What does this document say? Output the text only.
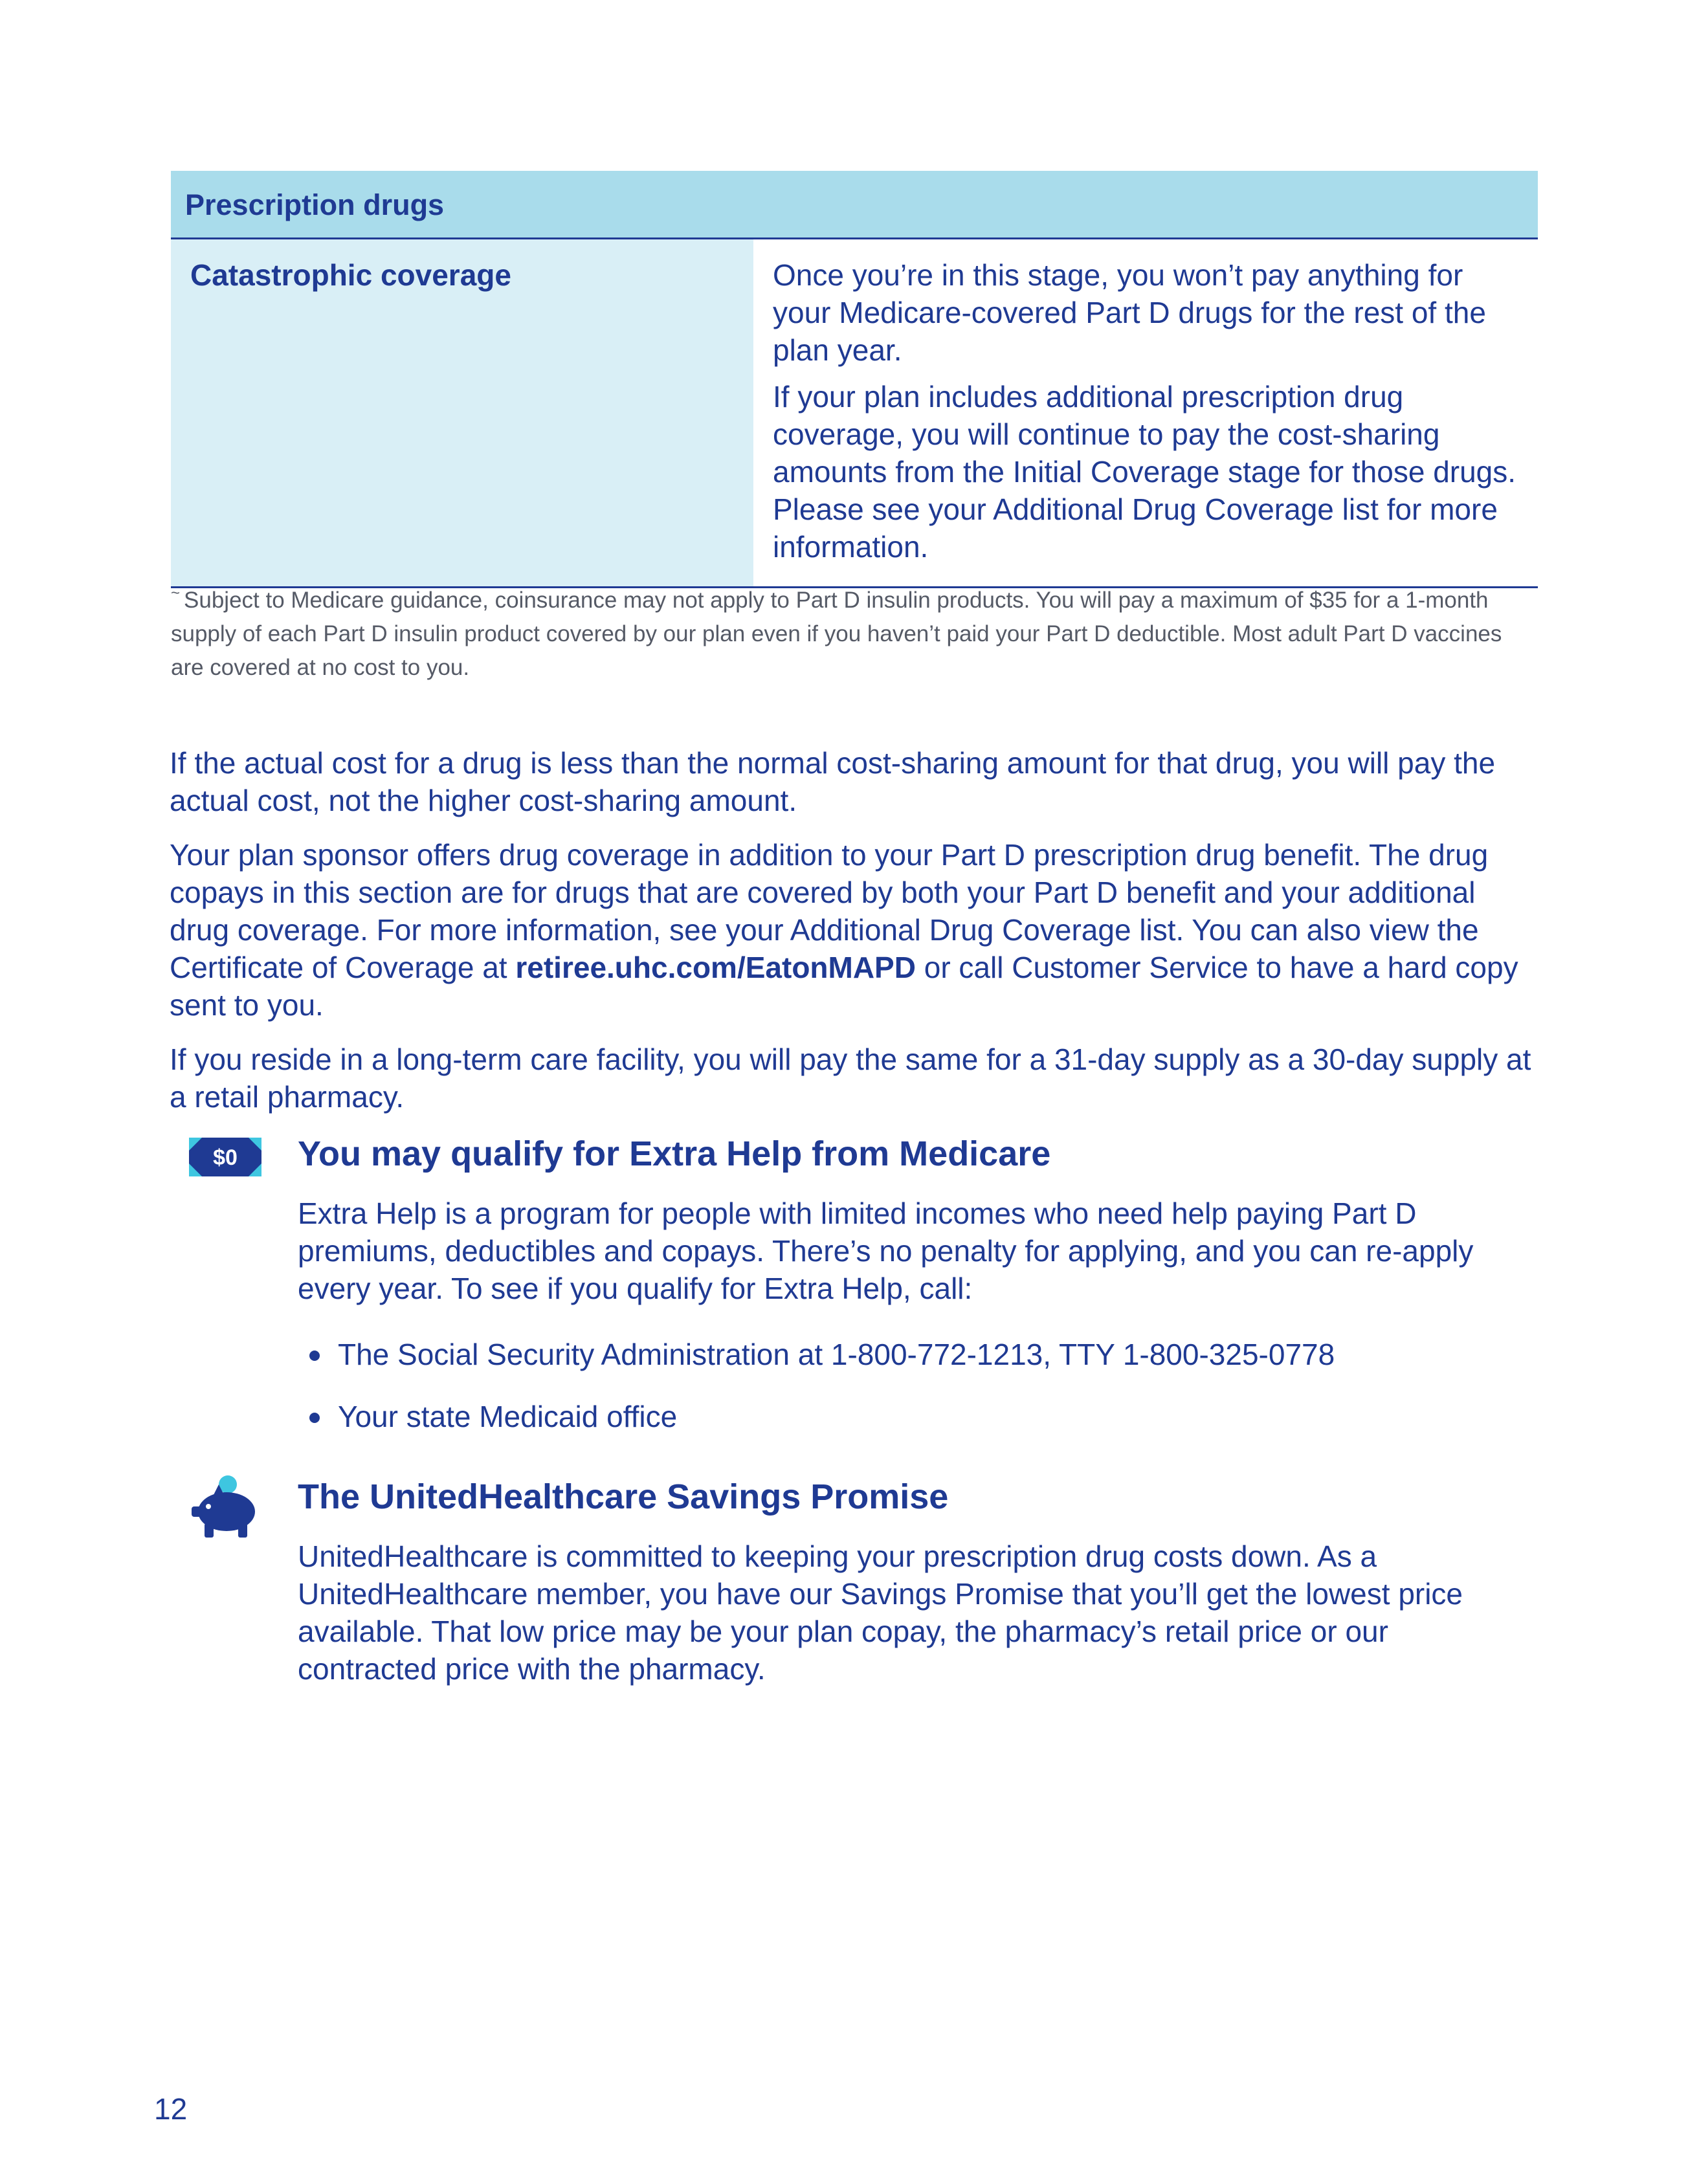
Prescription drugs
Catastrophic coverage	Once you’re in this stage, you won’t pay anything for your Medicare-covered Part D drugs for the rest of the plan year.

If your plan includes additional prescription drug coverage, you will continue to pay the cost-sharing amounts from the Initial Coverage stage for those drugs. Please see your Additional Drug Coverage list for more information.

~ Subject to Medicare guidance, coinsurance may not apply to Part D insulin products. You will pay a maximum of $35 for a 1-month supply of each Part D insulin product covered by our plan even if you haven’t paid your Part D deductible. Most adult Part D vaccines are covered at no cost to you.

If the actual cost for a drug is less than the normal cost-sharing amount for that drug, you will pay the actual cost, not the higher cost-sharing amount.

Your plan sponsor offers drug coverage in addition to your Part D prescription drug benefit. The drug copays in this section are for drugs that are covered by both your Part D benefit and your additional drug coverage. For more information, see your Additional Drug Coverage list. You can also view the Certificate of Coverage at retiree.uhc.com/EatonMAPD or call Customer Service to have a hard copy sent to you.

If you reside in a long-term care facility, you will pay the same for a 31-day supply as a 30-day supply at a retail pharmacy.

$0 You may qualify for Extra Help from Medicare

Extra Help is a program for people with limited incomes who need help paying Part D premiums, deductibles and copays. There’s no penalty for applying, and you can re-apply every year. To see if you qualify for Extra Help, call:

The Social Security Administration at 1-800-772-1213, TTY 1-800-325-0778
Your state Medicaid office
The UnitedHealthcare Savings Promise

UnitedHealthcare is committed to keeping your prescription drug costs down. As a UnitedHealthcare member, you have our Savings Promise that you’ll get the lowest price available. That low price may be your plan copay, the pharmacy’s retail price or our contracted price with the pharmacy.

12
